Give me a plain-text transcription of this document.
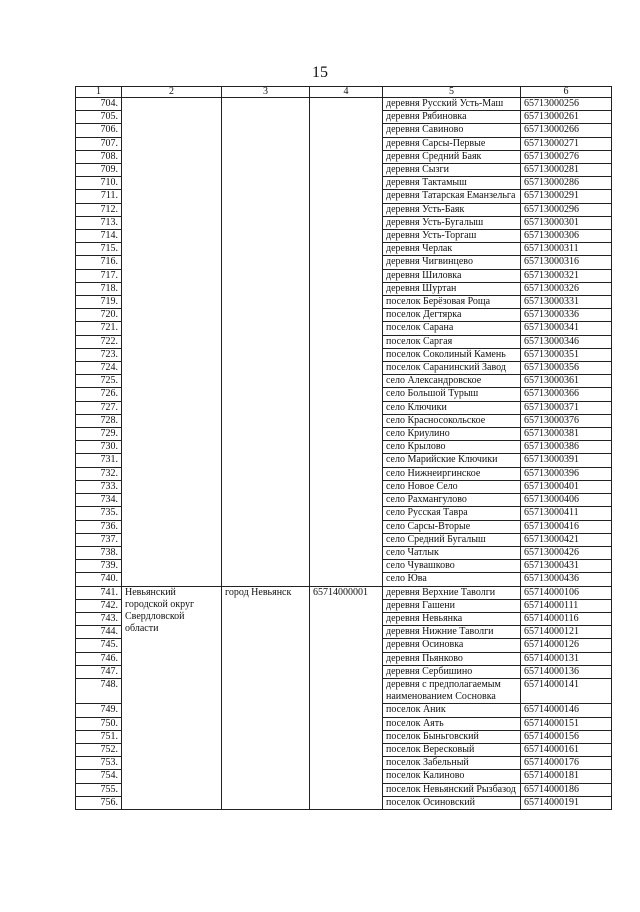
15
1	2	3	4	5	6
704.				деревня Русский Усть-Маш	65713000256
705.				деревня Рябиновка	65713000261
706.				деревня Савиново	65713000266
707.				деревня Сарсы-Первые	65713000271
708.				деревня Средний Баяк	65713000276
709.				деревня Сызги	65713000281
710.				деревня Тактамыш	65713000286
711.				деревня Татарская Еманзельга	65713000291
712.				деревня Усть-Баяк	65713000296
713.				деревня Усть-Бугалыш	65713000301
714.				деревня Усть-Торгаш	65713000306
715.				деревня Черлак	65713000311
716.				деревня Чигвинцево	65713000316
717.				деревня Шиловка	65713000321
718.				деревня Шуртан	65713000326
719.				поселок Берёзовая Роща	65713000331
720.				поселок Дегтярка	65713000336
721.				поселок Сарана	65713000341
722.				поселок Саргая	65713000346
723.				поселок Соколиный Камень	65713000351
724.				поселок Саранинский Завод	65713000356
725.				село Александровское	65713000361
726.				село Большой Турыш	65713000366
727.				село Ключики	65713000371
728.				село Красносокольское	65713000376
729.				село Криулино	65713000381
730.				село Крылово	65713000386
731.				село Марийские Ключики	65713000391
732.				село Нижнеиргинское	65713000396
733.				село Новое Село	65713000401
734.				село Рахмангулово	65713000406
735.				село Русская Тавра	65713000411
736.				село Сарсы-Вторые	65713000416
737.				село Средний Бугалыш	65713000421
738.				село Чатлык	65713000426
739.				село Чувашково	65713000431
740.				село Юва	65713000436
741.	Невьянский городской округ Свердловской области	город Невьянск	65714000001	деревня Верхние Таволги	65714000106
742.				деревня Гашени	65714000111
743.				деревня Невьянка	65714000116
744.				деревня Нижние Таволги	65714000121
745.				деревня Осиновка	65714000126
746.				деревня Пьянково	65714000131
747.				деревня Сербишино	65714000136
748.				деревня с предполагаемым наименованием Сосновка	65714000141
749.				поселок Аник	65714000146
750.				поселок Аять	65714000151
751.				поселок Быньговский	65714000156
752.				поселок Вересковый	65714000161
753.				поселок Забельный	65714000176
754.				поселок Калиново	65714000181
755.				поселок Невьянский Рызбазод	65714000186
756.				поселок Осиновский	65714000191
